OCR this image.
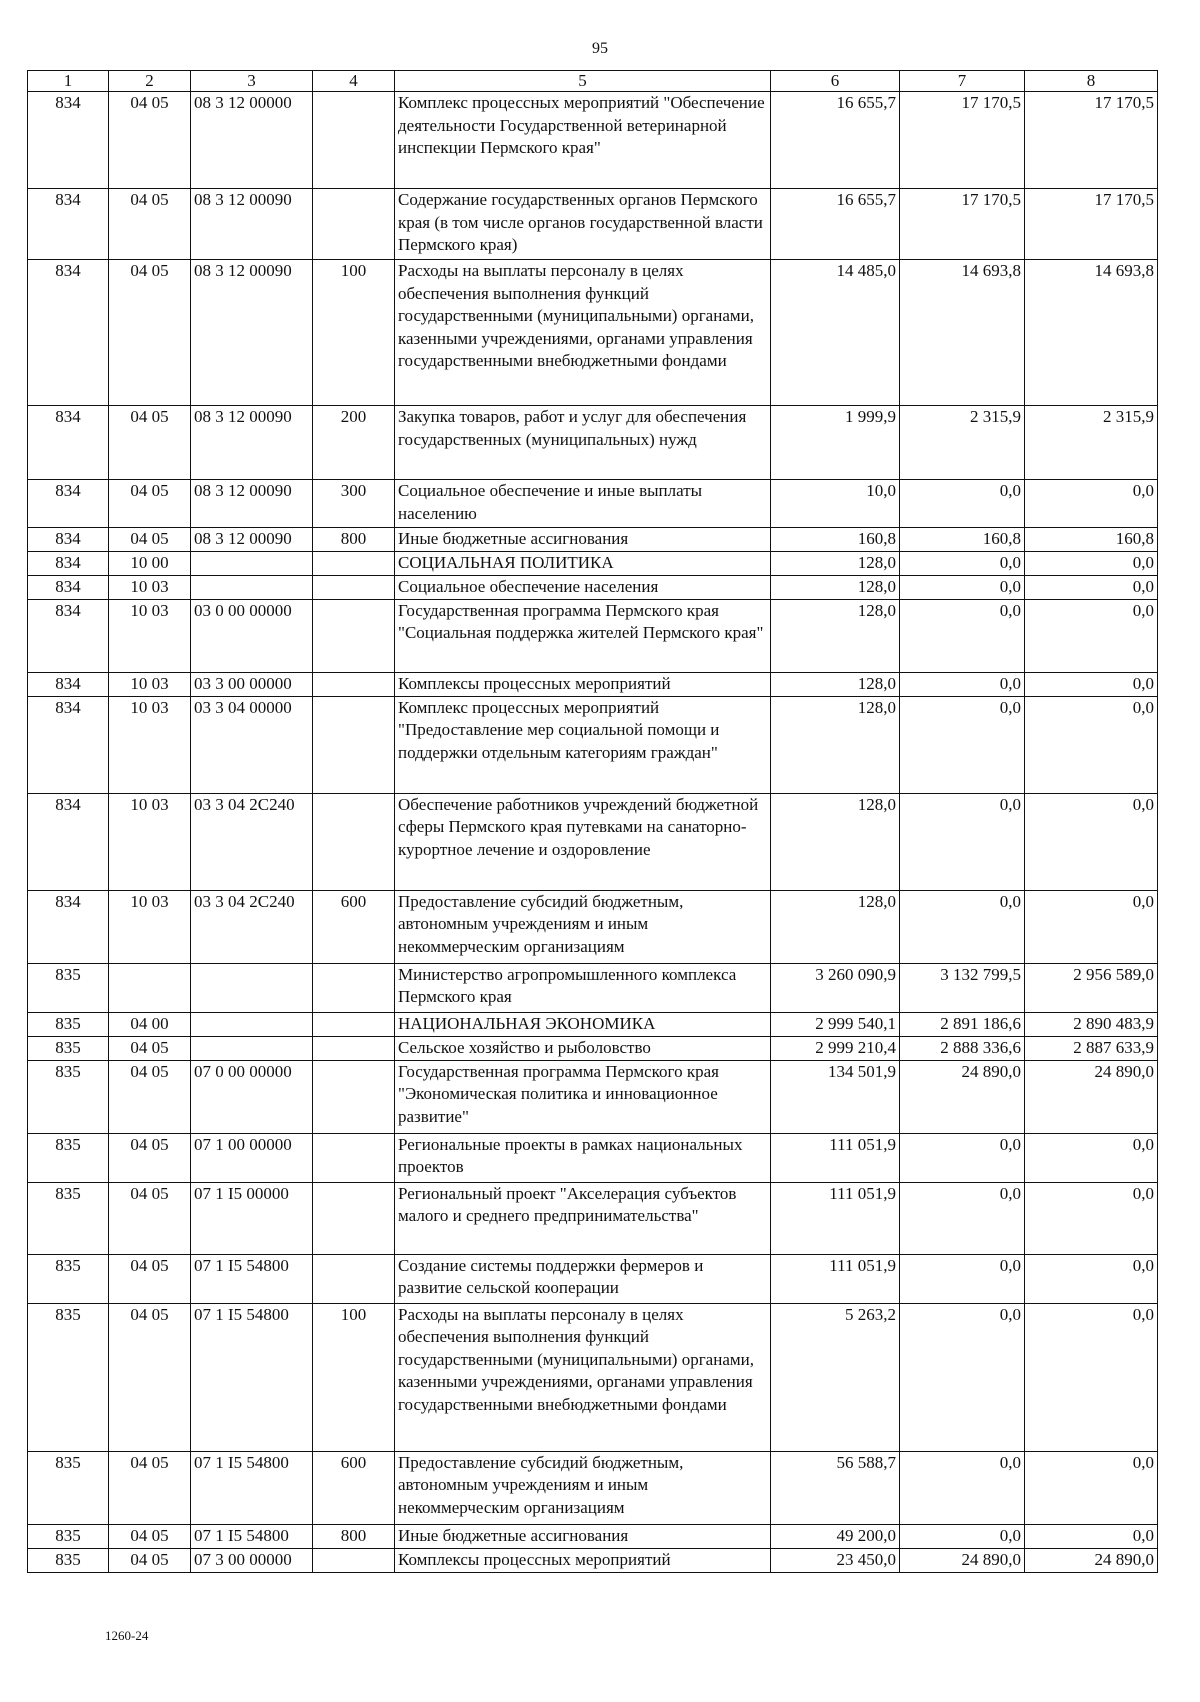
95
1	2	3	4	5	6	7	8
834	04 05	08 3 12 00000		Комплекс процессных мероприятий "Обеспечение деятельности Государственной ветеринарной инспекции Пермского края"	16 655,7	17 170,5	17 170,5
834	04 05	08 3 12 00090		Содержание государственных органов Пермского края (в том числе органов государственной власти Пермского края)	16 655,7	17 170,5	17 170,5
834	04 05	08 3 12 00090	100	Расходы на выплаты персоналу в целях обеспечения выполнения функций государственными (муниципальными) органами, казенными учреждениями, органами управления государственными внебюджетными фондами	14 485,0	14 693,8	14 693,8
834	04 05	08 3 12 00090	200	Закупка товаров, работ и услуг для обеспечения государственных (муниципальных) нужд	1 999,9	2 315,9	2 315,9
834	04 05	08 3 12 00090	300	Социальное обеспечение и иные выплаты населению	10,0	0,0	0,0
834	04 05	08 3 12 00090	800	Иные бюджетные ассигнования	160,8	160,8	160,8
834	10 00			СОЦИАЛЬНАЯ ПОЛИТИКА	128,0	0,0	0,0
834	10 03			Социальное обеспечение населения	128,0	0,0	0,0
834	10 03	03 0 00 00000		Государственная программа Пермского края "Социальная поддержка жителей Пермского края"	128,0	0,0	0,0
834	10 03	03 3 00 00000		Комплексы процессных мероприятий	128,0	0,0	0,0
834	10 03	03 3 04 00000		Комплекс процессных мероприятий "Предоставление мер социальной помощи и поддержки отдельным категориям граждан"	128,0	0,0	0,0
834	10 03	03 3 04 2С240		Обеспечение работников учреждений бюджетной сферы Пермского края путевками на санаторно-курортное лечение и оздоровление	128,0	0,0	0,0
834	10 03	03 3 04 2С240	600	Предоставление субсидий бюджетным, автономным учреждениям и иным некоммерческим организациям	128,0	0,0	0,0
835				Министерство агропромышленного комплекса Пермского края	3 260 090,9	3 132 799,5	2 956 589,0
835	04 00			НАЦИОНАЛЬНАЯ ЭКОНОМИКА	2 999 540,1	2 891 186,6	2 890 483,9
835	04 05			Сельское хозяйство и рыболовство	2 999 210,4	2 888 336,6	2 887 633,9
835	04 05	07 0 00 00000		Государственная программа Пермского края "Экономическая политика и инновационное развитие"	134 501,9	24 890,0	24 890,0
835	04 05	07 1 00 00000		Региональные проекты в рамках национальных проектов	111 051,9	0,0	0,0
835	04 05	07 1 I5 00000		Региональный проект "Акселерация субъектов малого и среднего предпринимательства"	111 051,9	0,0	0,0
835	04 05	07 1 I5 54800		Создание системы поддержки фермеров и развитие сельской кооперации	111 051,9	0,0	0,0
835	04 05	07 1 I5 54800	100	Расходы на выплаты персоналу в целях обеспечения выполнения функций государственными (муниципальными) органами, казенными учреждениями, органами управления государственными внебюджетными фондами	5 263,2	0,0	0,0
835	04 05	07 1 I5 54800	600	Предоставление субсидий бюджетным, автономным учреждениям и иным некоммерческим организациям	56 588,7	0,0	0,0
835	04 05	07 1 I5 54800	800	Иные бюджетные ассигнования	49 200,0	0,0	0,0
835	04 05	07 3 00 00000		Комплексы процессных мероприятий	23 450,0	24 890,0	24 890,0
1260-24
